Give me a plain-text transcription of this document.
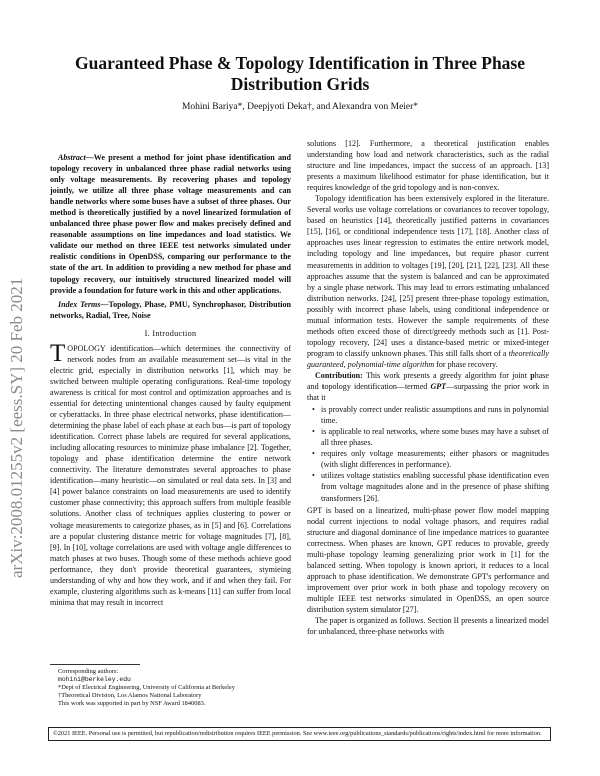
arXiv:2008.01255v2 [eess.SY] 20 Feb 2021
Guaranteed Phase & Topology Identification in Three Phase
Distribution Grids
Mohini Bariya*, Deepjyoti Deka†, and Alexandra von Meier*

Abstract—We present a method for joint phase identification and topology recovery in unbalanced three phase radial networks using only voltage measurements. By recovering phases and topology jointly, we utilize all three phase voltage measurements and can handle networks where some buses have a subset of three phases. Our method is theoretically justified by a novel linearized formulation of unbalanced three phase power flow and makes precisely defined and reasonable assumptions on line impedances and load statistics. We validate our method on three IEEE test networks simulated under realistic conditions in OpenDSS, comparing our performance to the state of the art. In addition to providing a new method for phase and topology recovery, our intuitively structured linearized model will provide a foundation for future work in this and other applications.

Index Terms—Topology, Phase, PMU, Synchrophasor, Distribution networks, Radial, Tree, Noise

I. Introduction

TOPOLOGY identification—which determines the connectivity of network nodes from an available measurement set—is vital in the electric grid, especially in distribution networks [1], which may be switched between multiple operating configurations. Real-time topology awareness is critical for most control and optimization approaches and is essential for detecting unintentional changes caused by faulty equipment or cyberattacks. In three phase electrical networks, phase identification—determining the phase label of each phase at each bus—is part of topology identification. Correct phase labels are required for several applications, including allocating resources to minimize phase imbalance [2]. Together, topology and phase identification determine the entire network connectivity. The literature demonstrates several approaches to phase identification—many heuristic—on simulated or real data sets. In [3] and [4] power balance constraints on load measurements are used to identify customer phase connectivity; this approach suffers from multiple feasible solutions. Another class of techniques applies clustering to power or voltage measurements to categorize phases, as in [5] and [6]. Correlations are a popular clustering distance metric for voltage magnitudes [7], [8], [9]. In [10], voltage correlations are used with voltage angle differences to match phases at two buses. Though some of these methods achieve good performance, they don't provide theoretical guarantees, stymieing understanding of why and how they work, and if and when they fail. For example, clustering algorithms such as k-means [11] can suffer from local minima that may result in incorrect

Corresponding authors:
mohini@berkeley.edu
*Dept of Electrical Engineering, University of California at Berkeley
†Theoretical Division, Los Alamos National Laboratory
This work was supported in part by NSF Award 1840083.

solutions [12]. Furthermore, a theoretical justification enables understanding how load and network characteristics, such as the radial structure and line impedances, impact the success of an approach. [13] presents a maximum likelihood estimator for phase identification, but it requires knowledge of the grid topology and is non-convex.

Topology identification has been extensively explored in the literature. Several works use voltage correlations or covariances to recover topology, based on heuristics [14], theoretically justified patterns in covariances [15], [16], or conditional independence tests [17], [18]. Another class of approaches uses linear regression to estimates the entire network model, including topology and line impedances, but require phasor current measurements in addition to voltages [19], [20], [21], [22], [23]. All these approaches assume that the system is balanced and can be approximated by a single phase network. This may lead to errors estimating unbalanced distribution networks. [24], [25] present three-phase topology estimation, possibly with incorrect phase labels, using conditional independence or mutual information tests. However the sample requirements of these methods often exceed those of direct/greedy methods such as [1]. Post-topology recovery, [24] uses a distance-based metric or mixed-integer program to classify unknown phases. This still falls short of a theoretically guaranteed, polynomial-time algorithm for phase recovery.

Contribution: This work presents a greedy algorithm for joint phase and topology identification—termed GPT—surpassing the prior work in that it

• is provably correct under realistic assumptions and runs in polynomial time.
• is applicable to real networks, where some buses may have a subset of all three phases.
• requires only voltage measurements; either phasors or magnitudes (with slight differences in performance).
• utilizes voltage statistics enabling successful phase identification even from voltage magnitudes alone and in the presence of phase shifting transformers [26].

GPT is based on a linearized, multi-phase power flow model mapping nodal current injections to nodal voltage phasors, and requires radial structure and diagonal dominance of line impedance matrices to guarantee correctness. When phases are known, GPT reduces to provable, greedy multi-phase topology learning generalizing prior work in [1] for the balanced setting. When topology is known apriori, it reduces to a local approach to phase identification. We demonstrate GPT's performance and improvement over prior work in both phase and topology recovery on multiple IEEE test networks simulated in OpenDSS, an open source distribution system simulator [27].

The paper is organized as follows. Section II presents a linearized model for unbalanced, three-phase networks with

©2021 IEEE. Personal use is permitted, but republication/redistribution requires IEEE permission. See www.ieee.org/publications_standards/publications/rights/index.html for more information.
